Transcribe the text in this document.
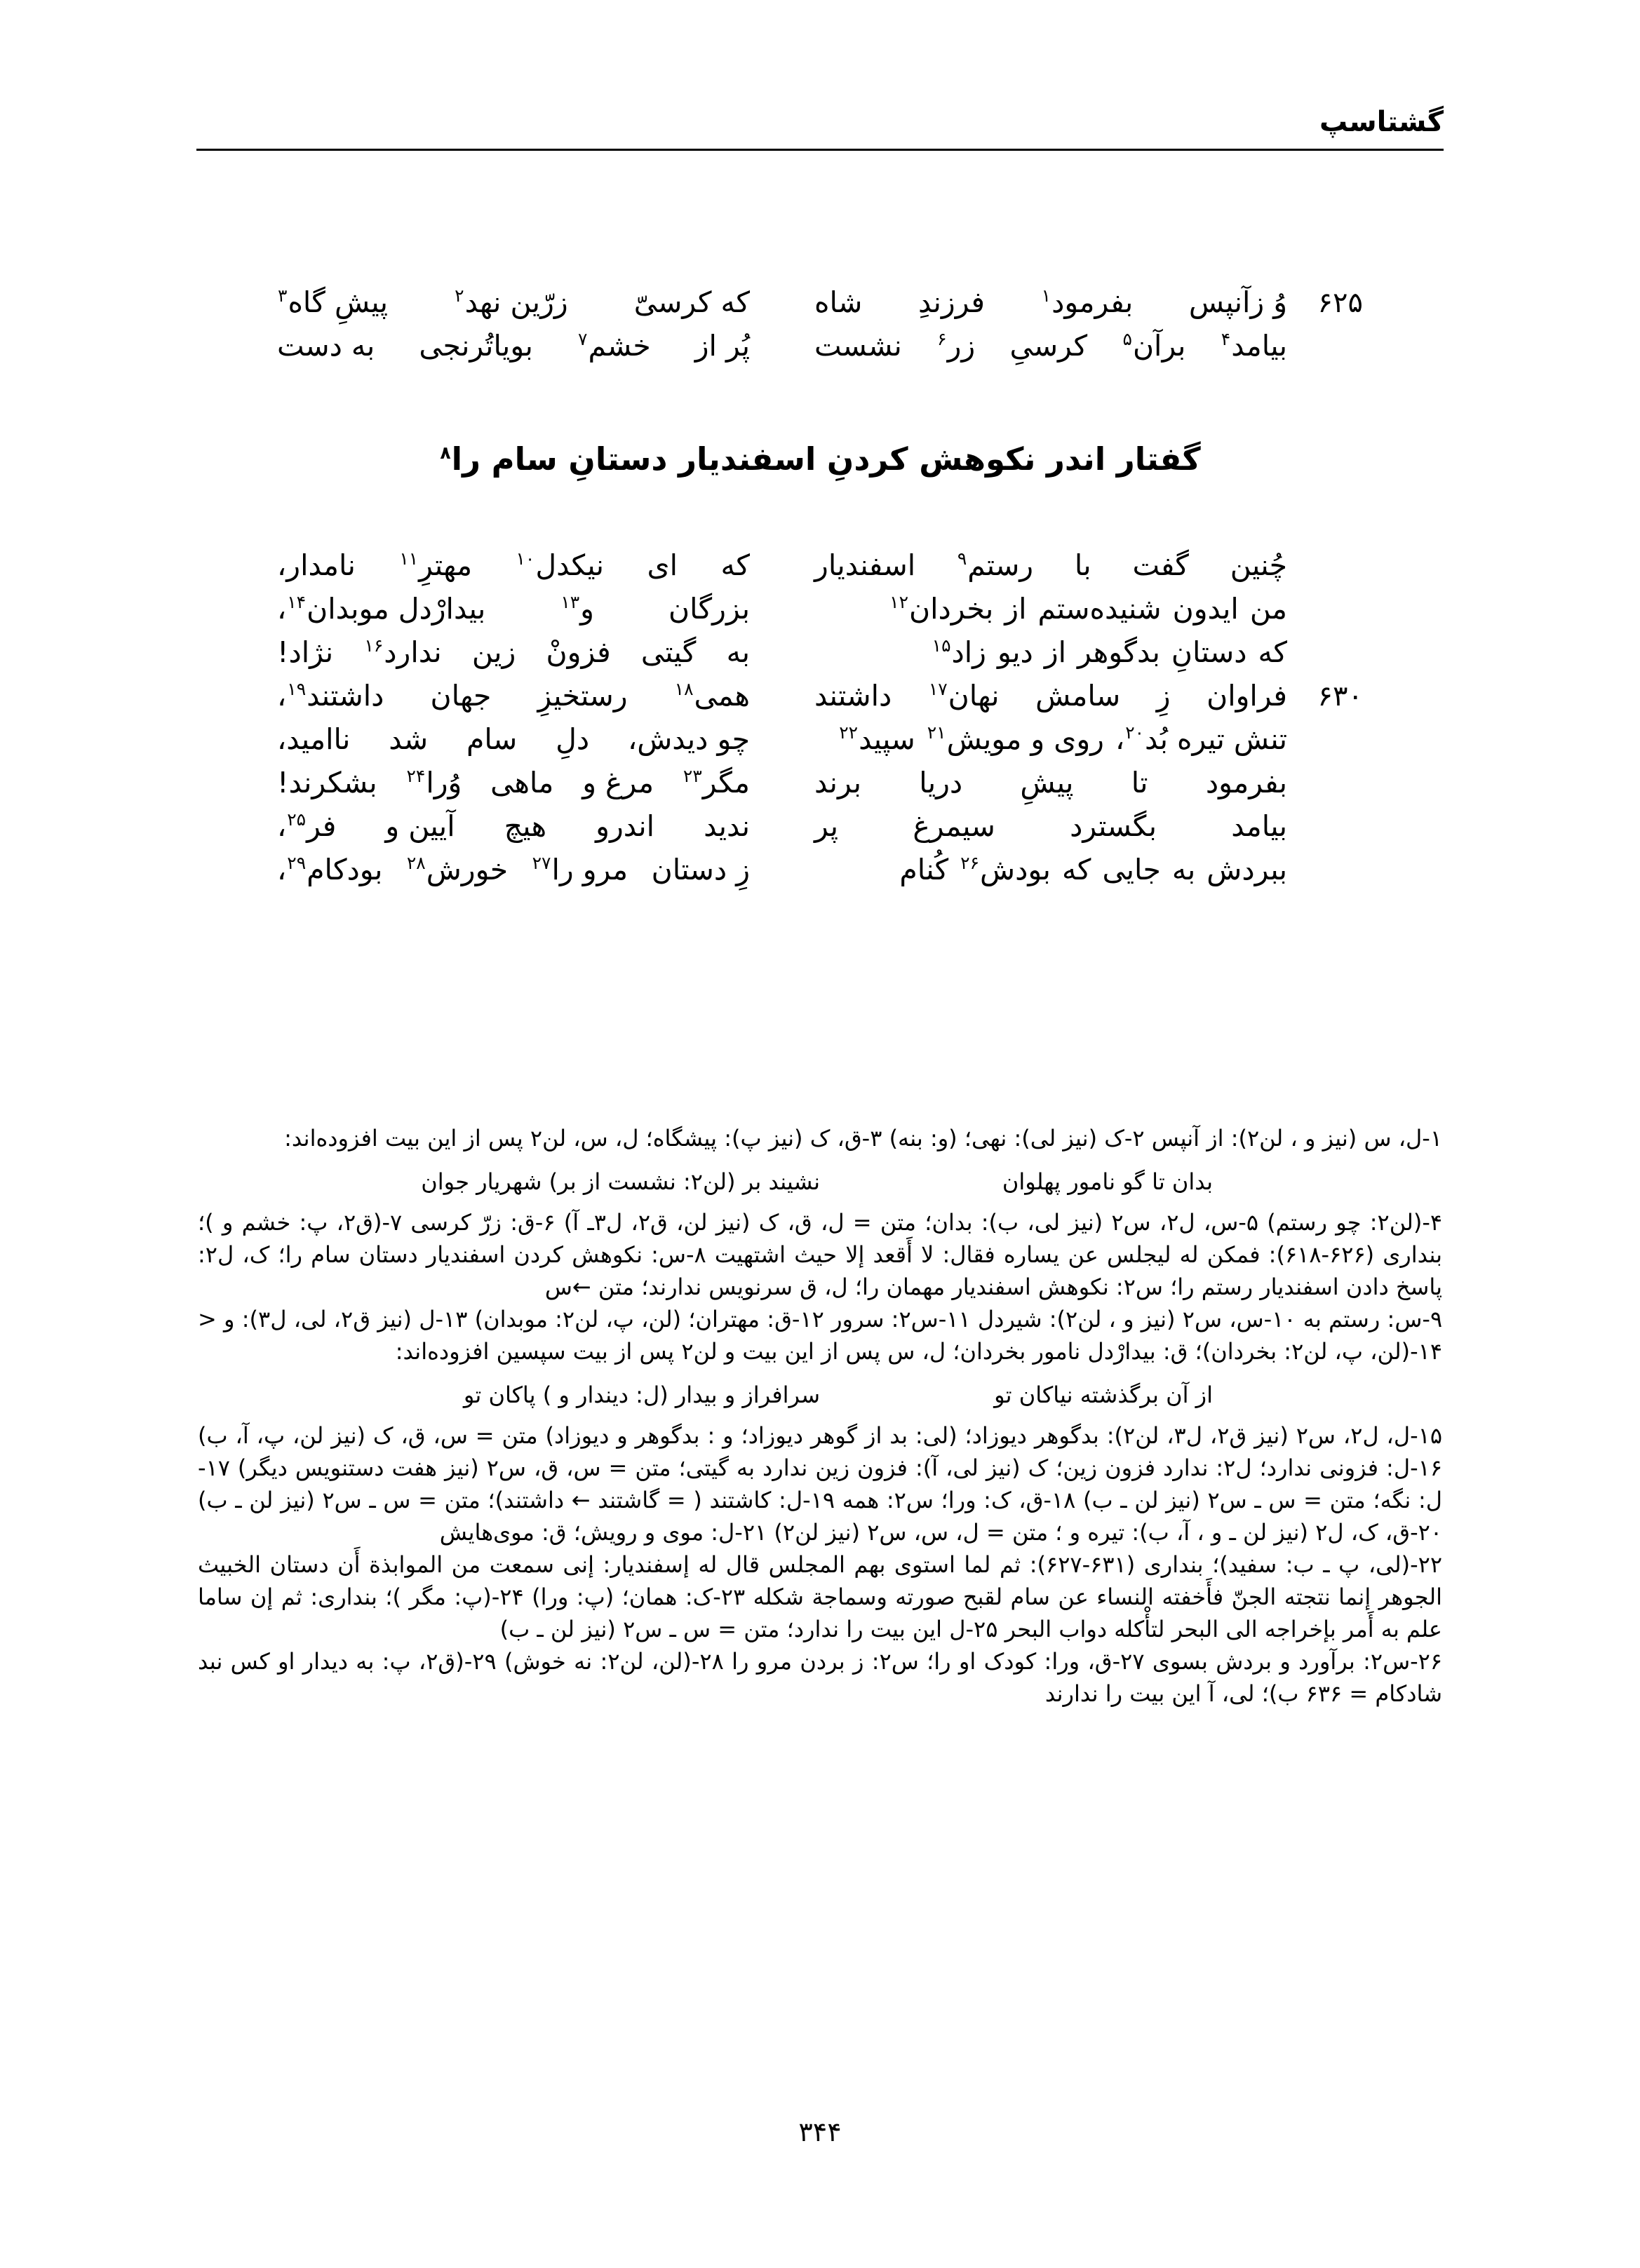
گشتاسپ
۶۲۵
وُ زآنپس
بفرمود$^۱$
فرزندِ
شاه
که کرسیّ
زرّین نهد$^۲$
پیشِ گاه$^۳$
بیامد$^۴$
برآن$^۵$
کرسیِ
زر$^۶$
نشست
پُر از
خشم$^۷$
بویاتُرنجی
به دست
گفتار اندر نکوهش کردنِ اسفندیار دستانِ سام را$^۸$
چُنین
گفت
با
رستم$^۹$
اسفندیار
که
ای
نیکدل$^{۱۰}$
مهترِ$^{۱۱}$
نامدار،
من
ایدون
شنیده‌ستم
از
بخردان$^{۱۲}$
بزرگان
و$^{۱۳}$
بیدارْدل موبدان$^{۱۴}$،
که
دستانِ
بدگوهر
از
دیو
زاد$^{۱۵}$
به
گیتی
فزونْ
زین
ندارد$^{۱۶}$
نژاد!
۶۳۰
فراوان
زِ
سامش
نهان$^{۱۷}$
داشتند
همی$^{۱۸}$
رستخیزِ
جهان
داشتند$^{۱۹}$،
تنش تیره بُد$^{۲۰}$،
روی و مویش$^{۲۱}$
سپید$^{۲۲}$
چو دیدش،
دلِ
سام
شد
ناامید،
بفرمود
تا
پیشِ
دریا
برند
مگر$^{۲۳}$
مرغ و
ماهی
وُرا$^{۲۴}$
بشکرند!
بیامد
بگسترد
سیمرغ
پر
ندید
اندرو
هیچ
آیین و
فر$^{۲۵}$،
ببردش
به
جایی
که
بودش$^{۲۶}$
کُنام
زِ دستان
مرو را$^{۲۷}$
خورش$^{۲۸}$
بودکام$^{۲۹}$،

۱-ل، س (نیز و ، لن۲): از آنپس ۲-ک (نیز لی): نهی؛ (و: بنه) ۳-ق، ک (نیز پ): پیشگاه؛ ل، س، لن۲ پس از این بیت افزوده‌اند:

بدان تا گو نامور پهلوان
نشیند بر (لن۲: نشست از بر) شهریار جوان

۴-(لن۲: چو رستم) ۵-س، ل۲، س۲ (نیز لی، ب): بدان؛ متن = ل، ق، ک (نیز لن، ق۲، ل۳ـ آ) ۶-ق: زرّ کرسی ۷-(ق۲، پ: خشم و )؛ بنداری (۶۲۶-۶۱۸): فمکن له لیجلس عن یساره فقال: لا أَقعد إلا حیث اشتهیت ۸-س: نکوهش کردن اسفندیار دستان سام را؛ ک، ل۲: پاسخ دادن اسفندیار رستم را؛ س۲: نکوهش اسفندیار مهمان را؛ ل، ق سرنویس ندارند؛ متن ←س

۹-س: رستم به ۱۰-س، س۲ (نیز و ، لن۲): شیردل ۱۱-س۲: سرور ۱۲-ق: مهتران؛ (لن، پ، لن۲: موبدان) ۱۳-ل (نیز ق۲، لی، ل۳): و < ۱۴-(لن، پ، لن۲: بخردان)؛ ق: بیدارْدل نامور بخردان؛ ل، س پس از این بیت و لن۲ پس از بیت سپسین افزوده‌اند:

از آن برگذشته نیاکان تو
سرافراز و بیدار (ل: دیندار و ) پاکان تو

۱۵-ل، ل۲، س۲ (نیز ق۲، ل۳، لن۲): بدگوهر دیوزاد؛ (لی: بد از گوهر دیوزاد؛ و : بدگوهر و دیوزاد) متن = س، ق، ک (نیز لن، پ، آ، ب) ۱۶-ل: فزونی ندارد؛ ل۲: ندارد فزون زین؛ ک (نیز لی، آ): فزون زین ندارد به گیتی؛ متن = س، ق، س۲ (نیز هفت دستنویس دیگر) ۱۷-ل: نگه؛ متن = س ـ س۲ (نیز لن ـ ب) ۱۸-ق، ک: ورا؛ س۲: همه ۱۹-ل: کاشتند ( = گاشتند ← داشتند)؛ متن = س ـ س۲ (نیز لن ـ ب) ۲۰-ق، ک، ل۲ (نیز لن ـ و ، آ، ب): تیره و ؛ متن = ل، س، س۲ (نیز لن۲) ۲۱-ل: موی و رویش؛ ق: موی‌هایش

۲۲-(لی، پ ـ ب: سفید)؛ بنداری (۶۳۱-۶۲۷): ثم لما استوی بهم المجلس قال له إسفندیار: إنی سمعت من الموابذة أَن دستان الخبیث الجوهر إنما نتجته الجنّ فأَخفته النساء عن سام لقبح صورته وسماجة شکله ۲۳-ک: همان؛ (پ: ورا) ۲۴-(پ: مگر )؛ بنداری: ثم إن ساما علم به أَمر بإخراجه الی البحر لتأْکله دواب البحر ۲۵-ل این بیت را ندارد؛ متن = س ـ س۲ (نیز لن ـ ب)

۲۶-س۲: برآورد و بردش بسوی ۲۷-ق، ورا: کودک او را؛ س۲: ز بردن مرو را ۲۸-(لن، لن۲: نه خوش) ۲۹-(ق۲، پ: به دیدار او کس نبد شادکام = ۶۳۶ ب)؛ لی، آ این بیت را ندارند

۳۴۴
